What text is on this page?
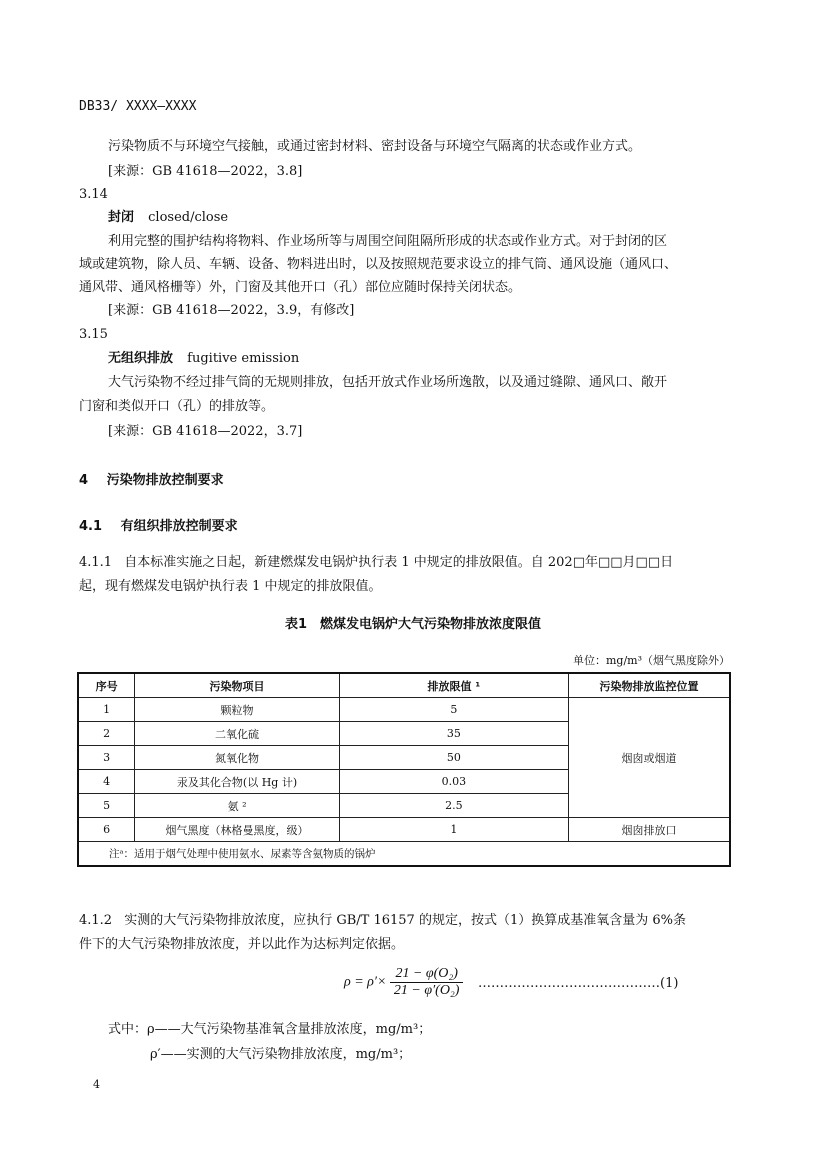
DB33/ XXXX—XXXX
污染物质不与环境空气接触，或通过密封材料、密封设备与环境空气隔离的状态或作业方式。
[来源：GB 41618—2022，3.8]
3.14
封闭 closed/close
利用完整的围护结构将物料、作业场所等与周围空间阻隔所形成的状态或作业方式。对于封闭的区
域或建筑物，除人员、车辆、设备、物料进出时，以及按照规范要求设立的排气筒、通风设施（通风口、
通风带、通风格栅等）外，门窗及其他开口（孔）部位应随时保持关闭状态。
[来源：GB 41618—2022，3.9，有修改]
3.15
无组织排放 fugitive emission
大气污染物不经过排气筒的无规则排放，包括开放式作业场所逸散，以及通过缝隙、通风口、敞开
门窗和类似开口（孔）的排放等。
[来源：GB 41618—2022，3.7]
4 污染物排放控制要求
4.1 有组织排放控制要求
4.1.1 自本标准实施之日起，新建燃煤发电锅炉执行表 1 中规定的排放限值。自 202□年□□月□□日
起，现有燃煤发电锅炉执行表 1 中规定的排放限值。
表1　燃煤发电锅炉大气污染物排放浓度限值
单位：mg/m³（烟气黑度除外）
序号	污染物项目	排放限值 ¹	污染物排放监控位置
1	颗粒物	5	烟囱或烟道
2	二氧化硫	35	
3	氮氧化物	50	
4	汞及其化合物(以 Hg 计)	0.03	
5	氨 ²	2.5	
6	烟气黑度（林格曼黑度，级）	1	烟囱排放口
注ᵃ：适用于烟气处理中使用氨水、尿素等含氨物质的锅炉			
4.1.2 实测的大气污染物排放浓度，应执行 GB/T 16157 的规定，按式（1）换算成基准氧含量为 6%条
件下的大气污染物排放浓度，并以此作为达标判定依据。
$\rho = \rho'\times \frac{\text{21 − φ(O₂)}}{\text{21 − φ′(O₂)}}$ ……………………………………(1)
式中：ρ——大气污染物基准氧含量排放浓度，mg/m³；
ρ′——实测的大气污染物排放浓度，mg/m³；
4
